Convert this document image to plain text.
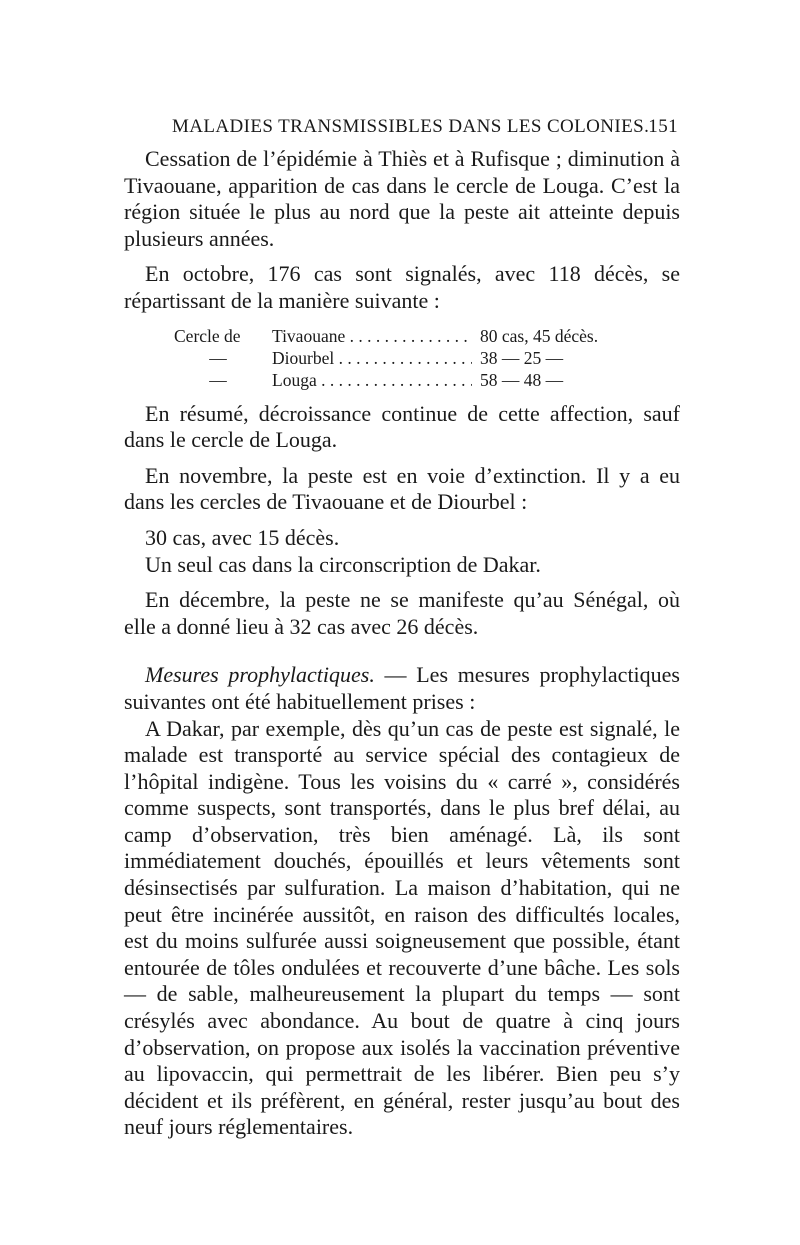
MALADIES TRANSMISSIBLES DANS LES COLONIES. 151

Cessation de l’épidémie à Thiès et à Rufisque ; diminution à Tivaouane, apparition de cas dans le cercle de Louga. C’est la région située le plus au nord que la peste ait atteinte depuis plusieurs années.

En octobre, 176 cas sont signalés, avec 118 décès, se répartissant de la manière suivante :

Cercle de	Tivaouane . . .	80 cas, 45 décès.
—	Diourbel . . .	38 — 25 —
—	Louga . . .	58 — 48 —

En résumé, décroissance continue de cette affection, sauf dans le cercle de Louga.

En novembre, la peste est en voie d’extinction. Il y a eu dans les cercles de Tivaouane et de Diourbel :

30 cas, avec 15 décès.

Un seul cas dans la circonscription de Dakar.

En décembre, la peste ne se manifeste qu’au Sénégal, où elle a donné lieu à 32 cas avec 26 décès.

Mesures prophylactiques. — Les mesures prophylactiques suivantes ont été habituellement prises :

A Dakar, par exemple, dès qu’un cas de peste est signalé, le malade est transporté au service spécial des contagieux de l’hôpital indigène. Tous les voisins du « carré », considérés comme suspects, sont transportés, dans le plus bref délai, au camp d’observation, très bien aménagé. Là, ils sont immédiatement douchés, épouillés et leurs vêtements sont désinsectisés par sulfuration. La maison d’habitation, qui ne peut être incinérée aussitôt, en raison des difficultés locales, est du moins sulfurée aussi soigneusement que possible, étant entourée de tôles ondulées et recouverte d’une bâche. Les sols — de sable, malheureusement la plupart du temps — sont crésylés avec abondance. Au bout de quatre à cinq jours d’observation, on propose aux isolés la vaccination préventive au lipovaccin, qui permettrait de les libérer. Bien peu s’y décident et ils préfèrent, en général, rester jusqu’au bout des neuf jours réglementaires.
